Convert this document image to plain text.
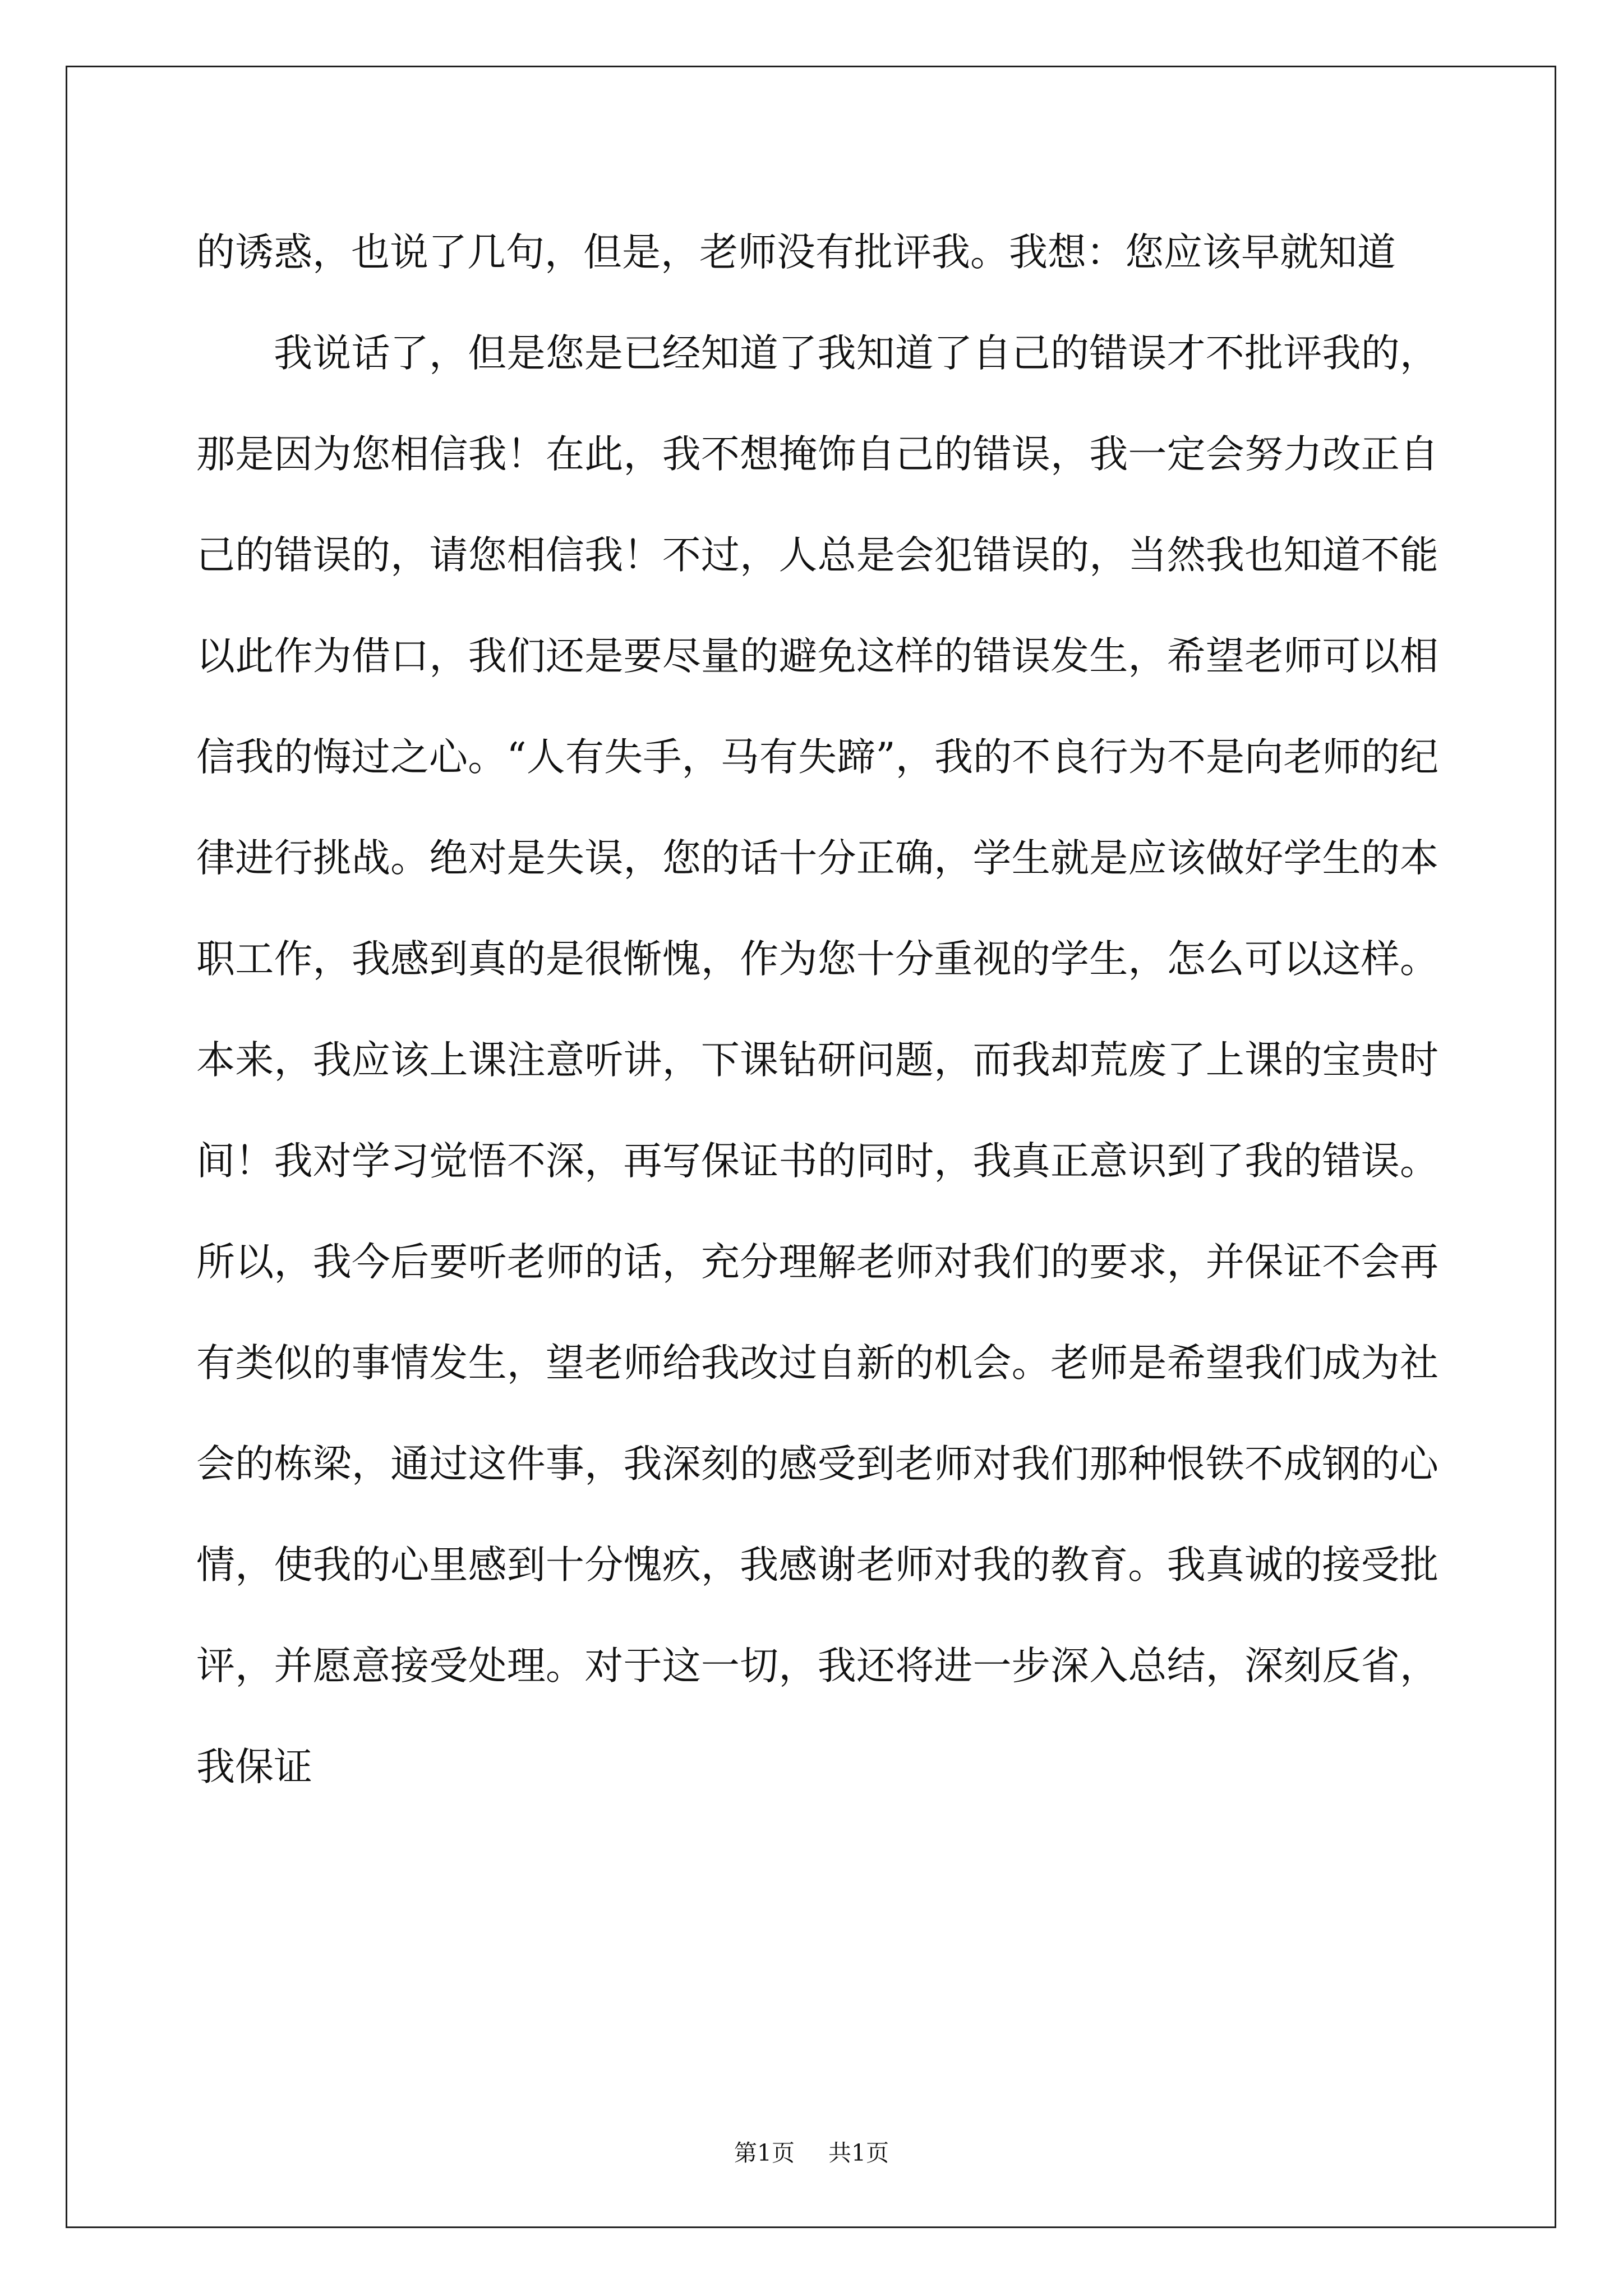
的诱惑，也说了几句，但是，老师没有批评我。我想：您应该早就知道

我说话了，但是您是已经知道了我知道了自己的错误才不批评我的，那是因为您相信我！在此，我不想掩饰自己的错误，我一定会努力改正自己的错误的，请您相信我！不过，人总是会犯错误的，当然我也知道不能以此作为借口，我们还是要尽量的避免这样的错误发生，希望老师可以相信我的悔过之心。“人有失手，马有失蹄”，我的不良行为不是向老师的纪律进行挑战。绝对是失误，您的话十分正确，学生就是应该做好学生的本职工作，我感到真的是很惭愧，作为您十分重视的学生，怎么可以这样。本来，我应该上课注意听讲，下课钻研问题，而我却荒废了上课的宝贵时间！我对学习觉悟不深，再写保证书的同时，我真正意识到了我的错误。所以，我今后要听老师的话，充分理解老师对我们的要求，并保证不会再有类似的事情发生，望老师给我改过自新的机会。老师是希望我们成为社会的栋梁，通过这件事，我深刻的感受到老师对我们那种恨铁不成钢的心情，使我的心里感到十分愧疚，我感谢老师对我的教育。我真诚的接受批评，并愿意接受处理。对于这一切，我还将进一步深入总结，深刻反省，我保证

第1页 共1页
